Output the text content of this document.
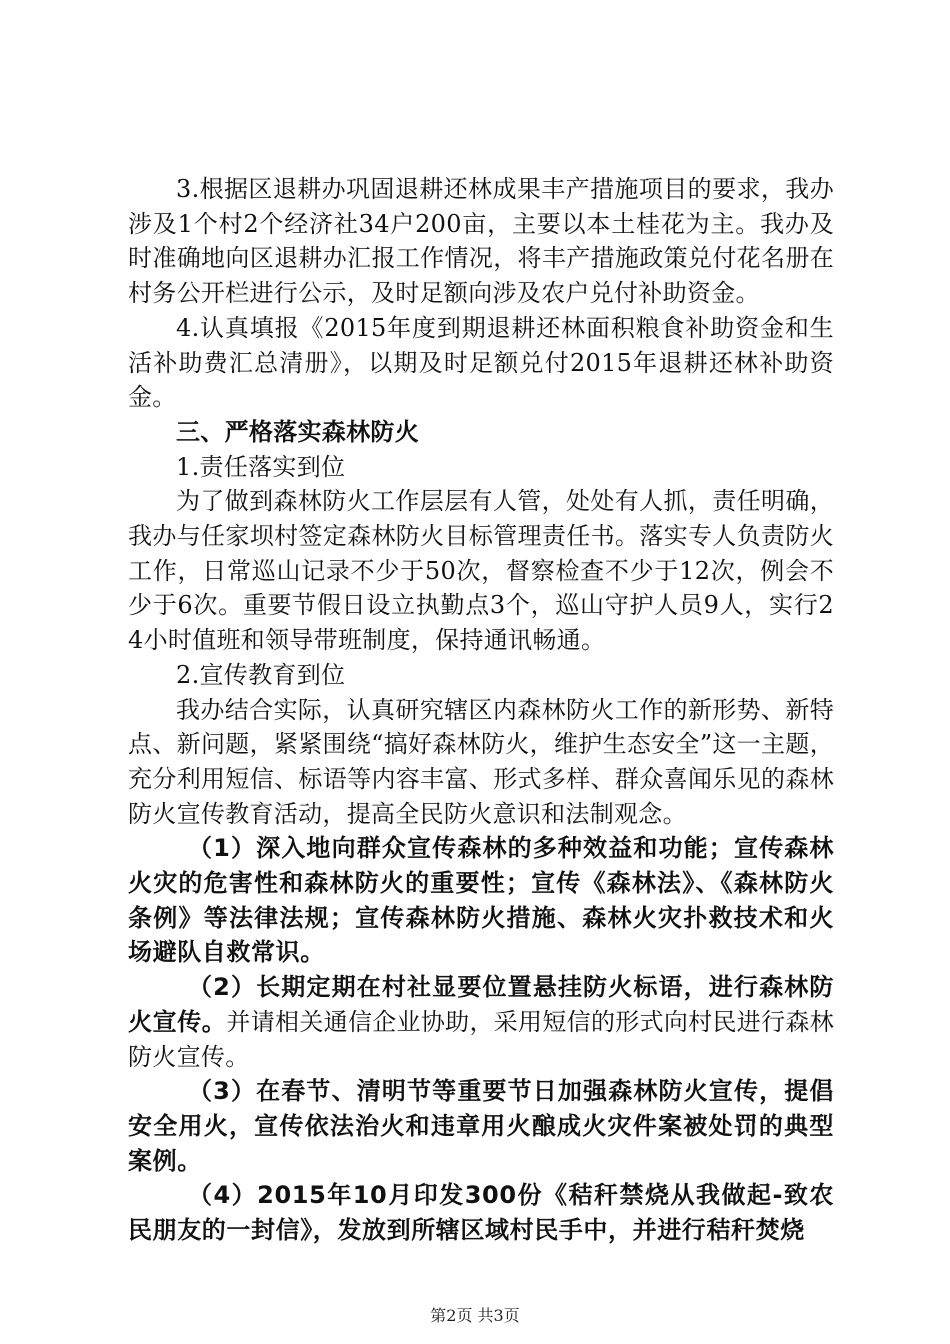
3.根据区退耕办巩固退耕还林成果丰产措施项目的要求，我办涉及1个村2个经济社34户200亩，主要以本土桂花为主。我办及时准确地向区退耕办汇报工作情况，将丰产措施政策兑付花名册在村务公开栏进行公示，及时足额向涉及农户兑付补助资金。

4.认真填报《2015年度到期退耕还林面积粮食补助资金和生活补助费汇总清册》，以期及时足额兑付2015年退耕还林补助资金。

三、严格落实森林防火

1.责任落实到位

为了做到森林防火工作层层有人管，处处有人抓，责任明确，我办与任家坝村签定森林防火目标管理责任书。落实专人负责防火工作，日常巡山记录不少于50次，督察检查不少于12次，例会不少于6次。重要节假日设立执勤点3个，巡山守护人员9人，实行24小时值班和领导带班制度，保持通讯畅通。

2.宣传教育到位

我办结合实际，认真研究辖区内森林防火工作的新形势、新特点、新问题，紧紧围绕“搞好森林防火，维护生态安全”这一主题，充分利用短信、标语等内容丰富、形式多样、群众喜闻乐见的森林防火宣传教育活动，提高全民防火意识和法制观念。

（1）深入地向群众宣传森林的多种效益和功能；宣传森林火灾的危害性和森林防火的重要性；宣传《森林法》、《森林防火条例》等法律法规；宣传森林防火措施、森林火灾扑救技术和火场避队自救常识。

（2）长期定期在村社显要位置悬挂防火标语，进行森林防火宣传。并请相关通信企业协助，采用短信的形式向村民进行森林防火宣传。

（3）在春节、清明节等重要节日加强森林防火宣传，提倡安全用火，宣传依法治火和违章用火酿成火灾件案被处罚的典型案例。

（4）2015年10月印发300份《秸秆禁烧从我做起-致农民朋友的一封信》，发放到所辖区域村民手中，并进行秸秆焚烧

第2页 共3页
